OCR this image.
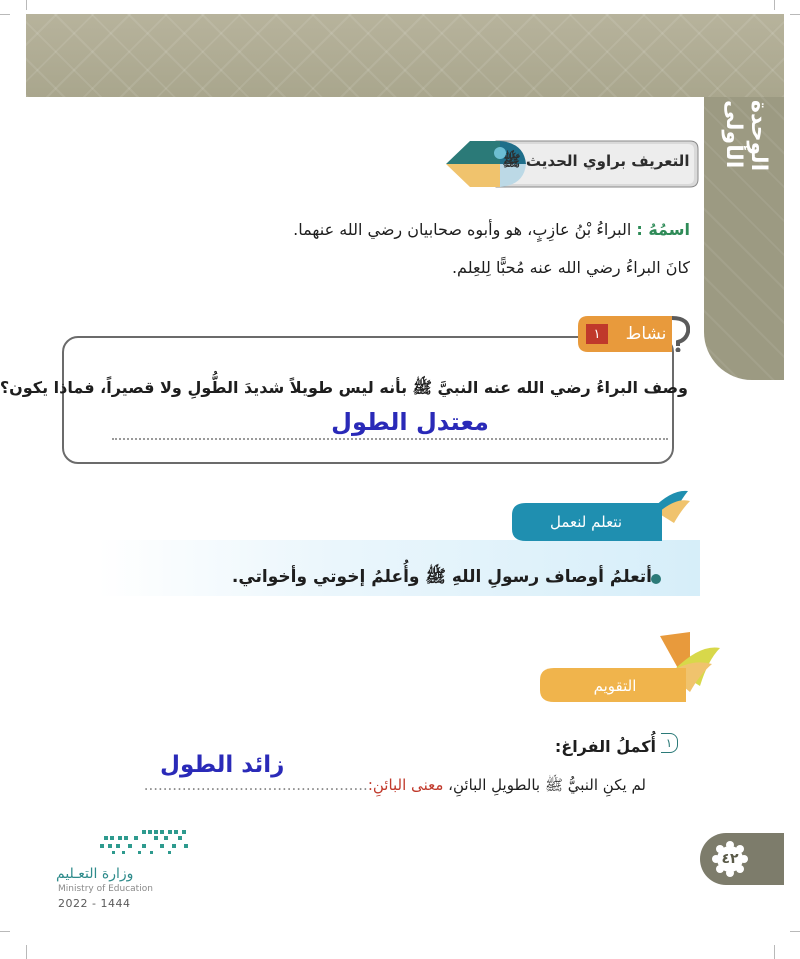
الوحدة الأولى
التعريف براوي الحديث ﷺ
اسمُهُ : البراءُ بْنُ عازِبٍ، هو وأبوه صحابيان رضي الله عنهما.
كانَ البراءُ رضي الله عنه مُحبًّا لِلعِلم.
نشاط
١
وصف البراءُ رضي الله عنه النبيَّ ﷺ بأنه ليس طويلاً شديدَ الطُّولِ ولا قصيراً، فماذا يكون؟
معتدل الطول
نتعلم لنعمل
أتعلمُ أوصاف رسولِ اللهِ ﷺ وأُعلمُ إخوتي وأخواتي.
التقويم
١
أُكملُ الفراغ:
لم يكنِ النبيُّ ﷺ بالطويلِ البائنِ، معنى البائنِ:...............................................
زائد الطول
٤٢
وزارة التعـليم
Ministry of Education
2022 - 1444
